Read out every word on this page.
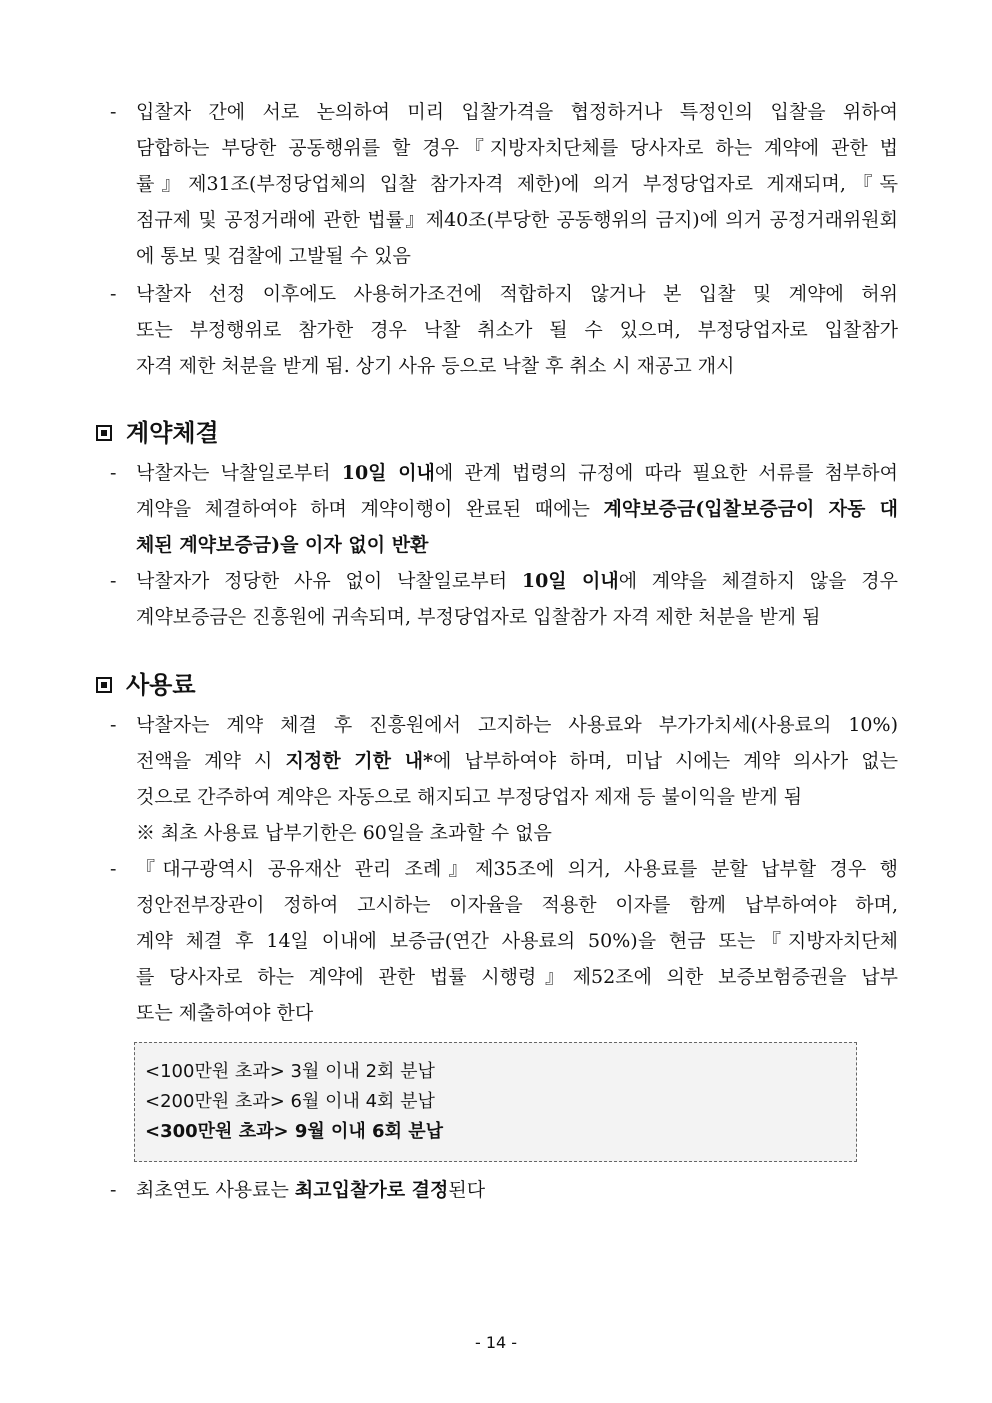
-	입찰자 간에 서로 논의하여 미리 입찰가격을 협정하거나 특정인의 입찰을 위하여
담합하는 부당한 공동행위를 할 경우『지방자치단체를 당사자로 하는 계약에 관한 법
률』제31조(부정당업체의 입찰 참가자격 제한)에 의거 부정당업자로 게재되며,『독
점규제 및 공정거래에 관한 법률』제40조(부당한 공동행위의 금지)에 의거 공정거래위원회
에 통보 및 검찰에 고발될 수 있음
-	낙찰자 선정 이후에도 사용허가조건에 적합하지 않거나 본 입찰 및 계약에 허위
또는 부정행위로 참가한 경우 낙찰 취소가 될 수 있으며, 부정당업자로 입찰참가
자격 제한 처분을 받게 됨. 상기 사유 등으로 낙찰 후 취소 시 재공고 개시
계약체결
-	낙찰자는 낙찰일로부터 10일 이내에 관계 법령의 규정에 따라 필요한 서류를 첨부하여
계약을 체결하여야 하며 계약이행이 완료된 때에는 계약보증금(입찰보증금이 자동 대
체된 계약보증금)을 이자 없이 반환
-	낙찰자가 정당한 사유 없이 낙찰일로부터 10일 이내에 계약을 체결하지 않을 경우
계약보증금은 진흥원에 귀속되며, 부정당업자로 입찰참가 자격 제한 처분을 받게 됨
사용료
-	낙찰자는 계약 체결 후 진흥원에서 고지하는 사용료와 부가가치세(사용료의 10%)
전액을 계약 시 지정한 기한 내*에 납부하여야 하며, 미납 시에는 계약 의사가 없는
것으로 간주하여 계약은 자동으로 해지되고 부정당업자 제재 등 불이익을 받게 됨
※ 최초 사용료 납부기한은 60일을 초과할 수 없음
-	『대구광역시 공유재산 관리 조례』제35조에 의거, 사용료를 분할 납부할 경우 행
정안전부장관이 정하여 고시하는 이자율을 적용한 이자를 함께 납부하여야 하며,
계약 체결 후 14일 이내에 보증금(연간 사용료의 50%)을 현금 또는『지방자치단체
를 당사자로 하는 계약에 관한 법률 시행령』제52조에 의한 보증보험증권을 납부
또는 제출하여야 한다
<100만원 초과> 3월 이내 2회 분납
<200만원 초과> 6월 이내 4회 분납
<300만원 초과> 9월 이내 6회 분납
-	최초연도 사용료는 최고입찰가로 결정된다
- 14 -
